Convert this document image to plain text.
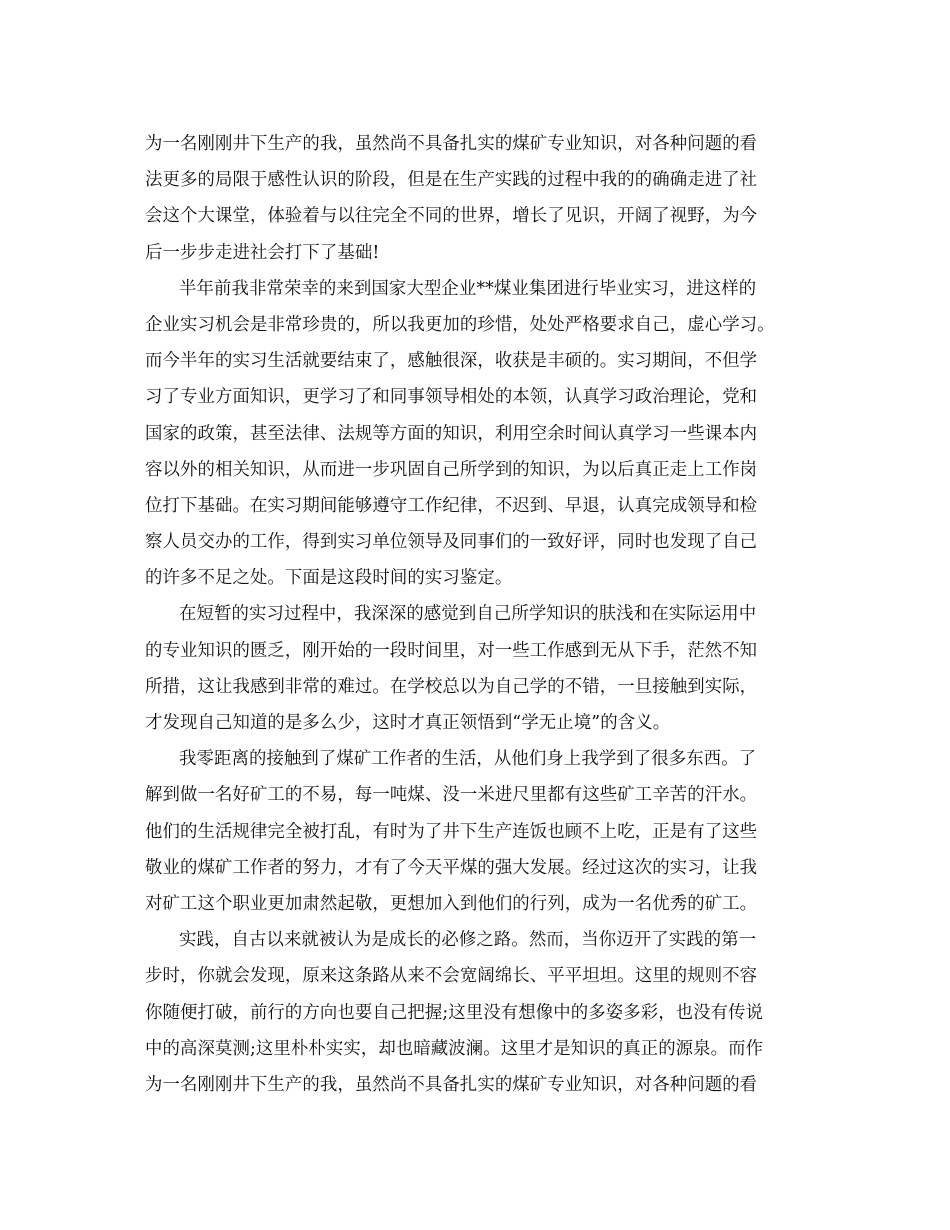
为一名刚刚井下生产的我，虽然尚不具备扎实的煤矿专业知识，对各种问题的看
法更多的局限于感性认识的阶段，但是在生产实践的过程中我的的确确走进了社
会这个大课堂，体验着与以往完全不同的世界，增长了见识，开阔了视野，为今
后一步步走进社会打下了基础!
半年前我非常荣幸的来到国家大型企业**煤业集团进行毕业实习，进这样的
企业实习机会是非常珍贵的，所以我更加的珍惜，处处严格要求自己，虚心学习。
而今半年的实习生活就要结束了，感触很深，收获是丰硕的。实习期间，不但学
习了专业方面知识，更学习了和同事领导相处的本领，认真学习政治理论，党和
国家的政策，甚至法律、法规等方面的知识，利用空余时间认真学习一些课本内
容以外的相关知识，从而进一步巩固自己所学到的知识，为以后真正走上工作岗
位打下基础。在实习期间能够遵守工作纪律，不迟到、早退，认真完成领导和检
察人员交办的工作，得到实习单位领导及同事们的一致好评，同时也发现了自己
的许多不足之处。下面是这段时间的实习鉴定。
在短暂的实习过程中，我深深的感觉到自己所学知识的肤浅和在实际运用中
的专业知识的匮乏，刚开始的一段时间里，对一些工作感到无从下手，茫然不知
所措，这让我感到非常的难过。在学校总以为自己学的不错，一旦接触到实际，
才发现自己知道的是多么少，这时才真正领悟到“学无止境”的含义。
我零距离的接触到了煤矿工作者的生活，从他们身上我学到了很多东西。了
解到做一名好矿工的不易，每一吨煤、没一米进尺里都有这些矿工辛苦的汗水。
他们的生活规律完全被打乱，有时为了井下生产连饭也顾不上吃，正是有了这些
敬业的煤矿工作者的努力，才有了今天平煤的强大发展。经过这次的实习，让我
对矿工这个职业更加肃然起敬，更想加入到他们的行列，成为一名优秀的矿工。
实践，自古以来就被认为是成长的必修之路。然而，当你迈开了实践的第一
步时，你就会发现，原来这条路从来不会宽阔绵长、平平坦坦。这里的规则不容
你随便打破，前行的方向也要自己把握;这里没有想像中的多姿多彩，也没有传说
中的高深莫测;这里朴朴实实，却也暗藏波澜。这里才是知识的真正的源泉。而作
为一名刚刚井下生产的我，虽然尚不具备扎实的煤矿专业知识，对各种问题的看
